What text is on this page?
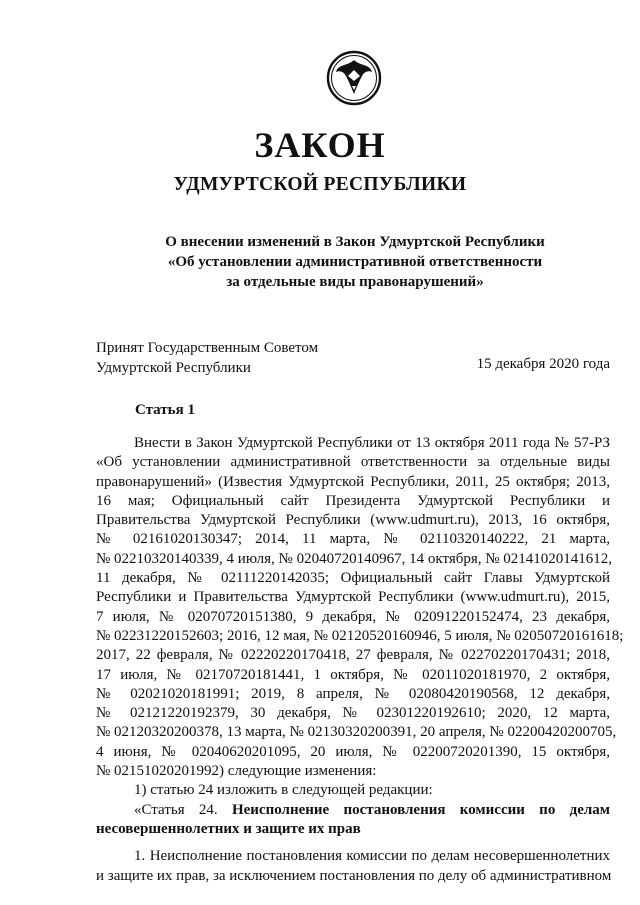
ЗАКОН
УДМУРТСКОЙ РЕСПУБЛИКИ
О внесении изменений в Закон Удмуртской Республики
«Об установлении административной ответственности
за отдельные виды правонарушений»
Принят Государственным Советом
Удмуртской Республики	15 декабря 2020 года
Статья 1
Внести в Закон Удмуртской Республики от 13 октября 2011 года № 57-РЗ
«Об установлении административной ответственности за отдельные виды
правонарушений» (Известия Удмуртской Республики, 2011, 25 октября; 2013,
16 мая; Официальный сайт Президента Удмуртской Республики и
Правительства Удмуртской Республики (www.udmurt.ru), 2013, 16 октября,
№ 02161020130347; 2014, 11 марта, № 02110320140222, 21 марта,
№ 02210320140339, 4 июля, № 02040720140967, 14 октября, № 02141020141612,
11 декабря, № 02111220142035; Официальный сайт Главы Удмуртской
Республики и Правительства Удмуртской Республики (www.udmurt.ru), 2015,
7 июля, № 02070720151380, 9 декабря, № 02091220152474, 23 декабря,
№ 02231220152603; 2016, 12 мая, № 02120520160946, 5 июля, № 02050720161618;
2017, 22 февраля, № 02220220170418, 27 февраля, № 02270220170431; 2018,
17 июля, № 02170720181441, 1 октября, № 02011020181970, 2 октября,
№ 02021020181991; 2019, 8 апреля, № 02080420190568, 12 декабря,
№ 02121220192379, 30 декабря, № 02301220192610; 2020, 12 марта,
№ 02120320200378, 13 марта, № 02130320200391, 20 апреля, № 02200420200705,
4 июня, № 02040620201095, 20 июля, № 02200720201390, 15 октября,
№ 02151020201992) следующие изменения:
1) статью 24 изложить в следующей редакции:
«Статья 24. Неисполнение постановления комиссии по делам
несовершеннолетних и защите их прав
1. Неисполнение постановления комиссии по делам несовершеннолетних
и защите их прав, за исключением постановления по делу об административном
